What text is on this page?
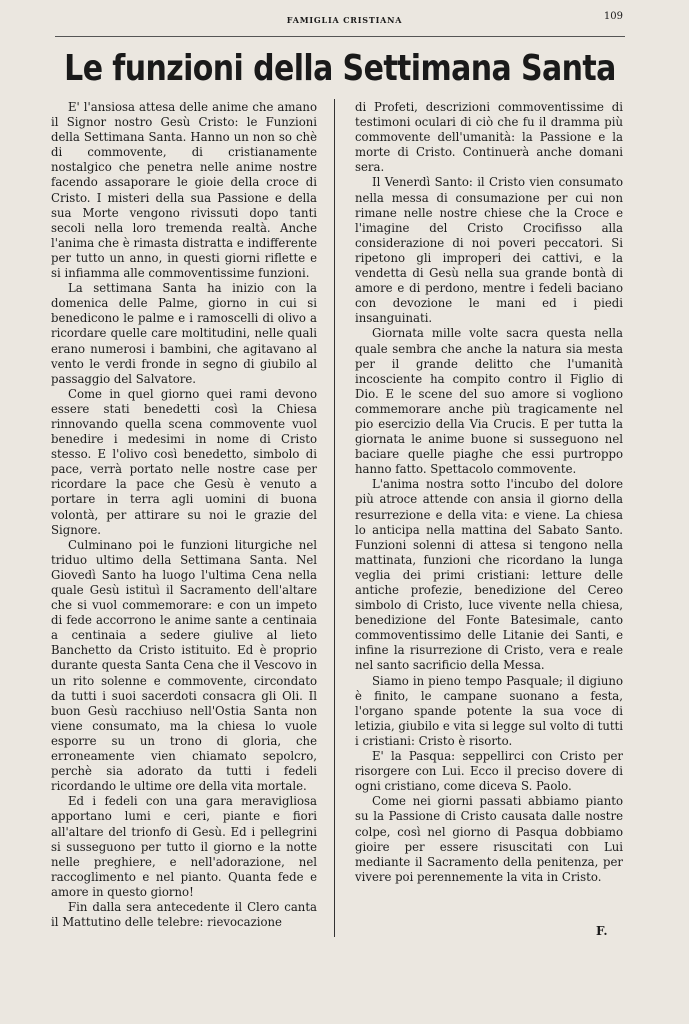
FAMIGLIA CRISTIANA	109
Le funzioni della Settimana Santa

E' l'ansiosa attesa delle anime che amano il Signor nostro Gesù Cristo: le Funzioni della Settimana Santa. Hanno un non so chè di commovente, di cristianamente nostalgico che penetra nelle anime nostre facendo assaporare le gioie della croce di Cristo. I misteri della sua Passione e della sua Morte vengono rivissuti dopo tanti secoli nella loro tremenda realtà. Anche l'anima che è rimasta distratta e indifferente per tutto un anno, in questi giorni riflette e si infiamma alle commoventissime funzioni.

La settimana Santa ha inizio con la domenica delle Palme, giorno in cui si benedicono le palme e i ramoscelli di olivo a ricordare quelle care moltitudini, nelle quali erano numerosi i bambini, che agitavano al vento le verdi fronde in segno di giubilo al passaggio del Salvatore.

Come in quel giorno quei rami devono essere stati benedetti così la Chiesa rinnovando quella scena commovente vuol benedire i medesimi in nome di Cristo stesso. E l'olivo così benedetto, simbolo di pace, verrà portato nelle nostre case per ricordare la pace che Gesù è venuto a portare in terra agli uomini di buona volontà, per attirare su noi le grazie del Signore.

Culminano poi le funzioni liturgiche nel triduo ultimo della Settimana Santa. Nel Giovedì Santo ha luogo l'ultima Cena nella quale Gesù istituì il Sacramento dell'altare che si vuol commemorare: e con un impeto di fede accorrono le anime sante a centinaia a centinaia a sedere giulive al lieto Banchetto da Cristo istituito. Ed è proprio durante questa Santa Cena che il Vescovo in un rito solenne e commovente, circondato da tutti i suoi sacerdoti consacra gli Oli. Il buon Gesù racchiuso nell'Ostia Santa non viene consumato, ma la chiesa lo vuole esporre su un trono di gloria, che erroneamente vien chiamato sepolcro, perchè sia adorato da tutti i fedeli ricordando le ultime ore della vita mortale.

Ed i fedeli con una gara meravigliosa apportano lumi e ceri, piante e fiori all'altare del trionfo di Gesù. Ed i pellegrini si susseguono per tutto il giorno e la notte nelle preghiere, e nell'adorazione, nel raccoglimento e nel pianto. Quanta fede e amore in questo giorno!

Fin dalla sera antecedente il Clero canta il Mattutino delle telebre: rievocazione

di Profeti, descrizioni commoventissime di testimoni oculari di ciò che fu il dramma più commovente dell'umanità: la Passione e la morte di Cristo. Continuerà anche domani sera.

Il Venerdì Santo: il Cristo vien consumato nella messa di consumazione per cui non rimane nelle nostre chiese che la Croce e l'imagine del Cristo Crocifisso alla considerazione di noi poveri peccatori. Si ripetono gli improperi dei cattivi, e la vendetta di Gesù nella sua grande bontà di amore e di perdono, mentre i fedeli baciano con devozione le mani ed i piedi insanguinati.

Giornata mille volte sacra questa nella quale sembra che anche la natura sia mesta per il grande delitto che l'umanità incosciente ha compito contro il Figlio di Dio. E le scene del suo amore si vogliono commemorare anche più tragicamente nel pio esercizio della Via Crucis. E per tutta la giornata le anime buone si susseguono nel baciare quelle piaghe che essi purtroppo hanno fatto. Spettacolo commovente.

L'anima nostra sotto l'incubo del dolore più atroce attende con ansia il giorno della resurrezione e della vita: e viene. La chiesa lo anticipa nella mattina del Sabato Santo. Funzioni solenni di attesa si tengono nella mattinata, funzioni che ricordano la lunga veglia dei primi cristiani: letture delle antiche profezie, benedizione del Cereo simbolo di Cristo, luce vivente nella chiesa, benedizione del Fonte Batesimale, canto commoventissimo delle Litanie dei Santi, e infine la risurrezione di Cristo, vera e reale nel santo sacrificio della Messa.

Siamo in pieno tempo Pasquale; il digiuno è finito, le campane suonano a festa, l'organo spande potente la sua voce di letizia, giubilo e vita si legge sul volto di tutti i cristiani: Cristo è risorto.

E' la Pasqua: seppellirci con Cristo per risorgere con Lui. Ecco il preciso dovere di ogni cristiano, come diceva S. Paolo.

Come nei giorni passati abbiamo pianto su la Passione di Cristo causata dalle nostre colpe, così nel giorno di Pasqua dobbiamo gioire per essere risuscitati con Lui mediante il Sacramento della penitenza, per vivere poi perennemente la vita in Cristo.

F.
